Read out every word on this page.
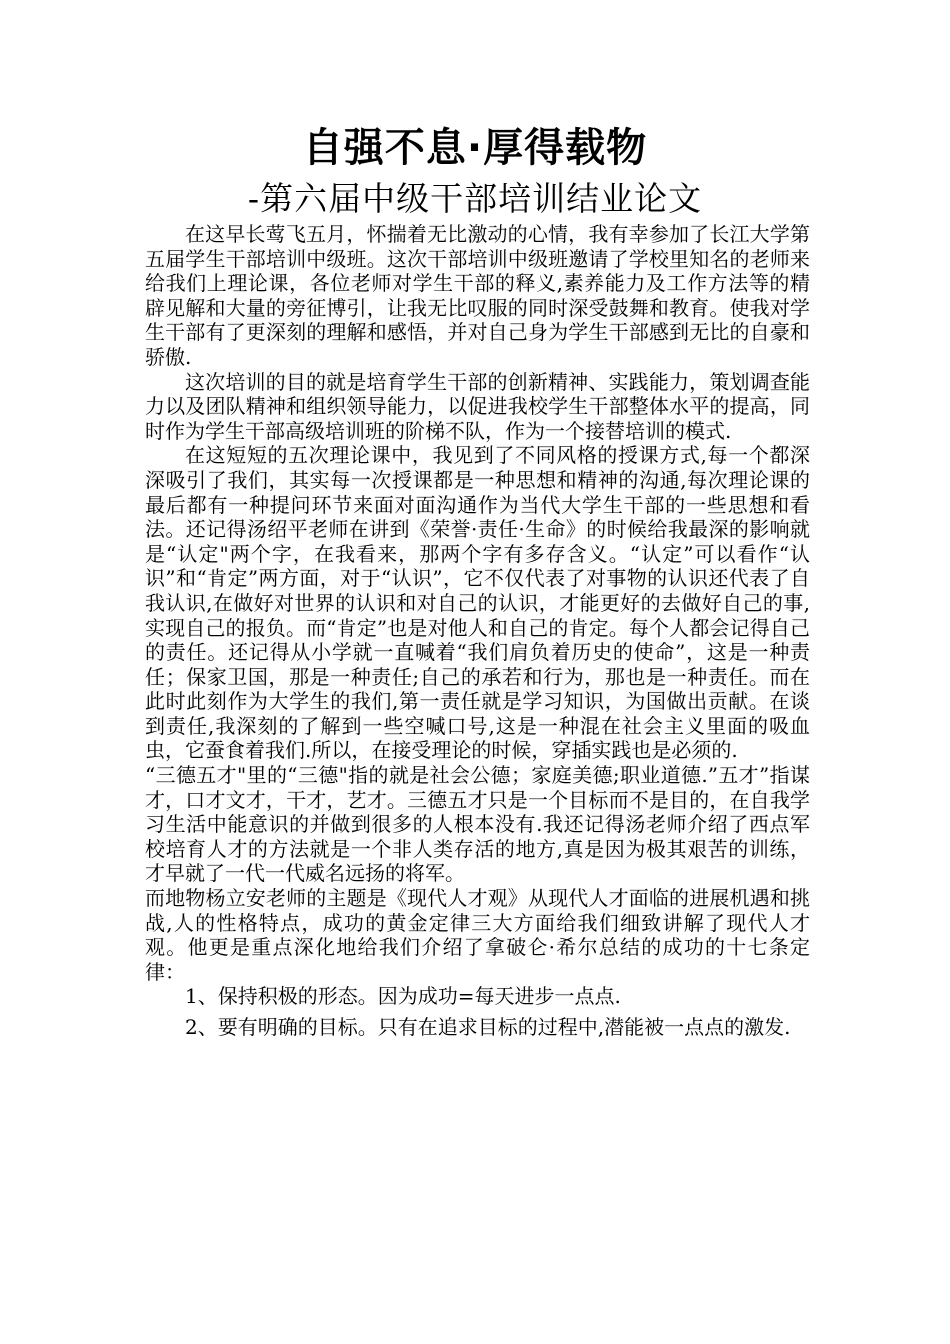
自强不息·厚得载物
-第六届中级干部培训结业论文

在这早长莺飞五月，怀揣着无比激动的心情，我有幸参加了长江大学第五届学生干部培训中级班。这次干部培训中级班邀请了学校里知名的老师来给我们上理论课，各位老师对学生干部的释义,素养能力及工作方法等的精辟见解和大量的旁征博引，让我无比叹服的同时深受鼓舞和教育。使我对学生干部有了更深刻的理解和感悟，并对自己身为学生干部感到无比的自豪和骄傲.

这次培训的目的就是培育学生干部的创新精神、实践能力，策划调查能力以及团队精神和组织领导能力，以促进我校学生干部整体水平的提高，同时作为学生干部高级培训班的阶梯不队，作为一个接替培训的模式.

在这短短的五次理论课中，我见到了不同风格的授课方式,每一个都深深吸引了我们，其实每一次授课都是一种思想和精神的沟通,每次理论课的最后都有一种提问环节来面对面沟通作为当代大学生干部的一些思想和看法。还记得汤绍平老师在讲到《荣誉·责任·生命》的时候给我最深的影响就是“认定"两个字，在我看来，那两个字有多存含义。“认定”可以看作“认识”和“肯定”两方面，对于“认识”，它不仅代表了对事物的认识还代表了自我认识,在做好对世界的认识和对自己的认识，才能更好的去做好自己的事,实现自己的报负。而“肯定”也是对他人和自己的肯定。每个人都会记得自己的责任。还记得从小学就一直喊着“我们肩负着历史的使命”，这是一种责任；保家卫国，那是一种责任;自己的承若和行为，那也是一种责任。而在此时此刻作为大学生的我们,第一责任就是学习知识，为国做出贡献。在谈到责任,我深刻的了解到一些空喊口号,这是一种混在社会主义里面的吸血虫，它蚕食着我们.所以，在接受理论的时候，穿插实践也是必须的.

“三德五才"里的“三德"指的就是社会公德；家庭美德;职业道德.”五才”指谋才，口才文才，干才，艺才。三德五才只是一个目标而不是目的，在自我学习生活中能意识的并做到很多的人根本没有.我还记得汤老师介绍了西点军校培育人才的方法就是一个非人类存活的地方,真是因为极其艰苦的训练，才早就了一代一代威名远扬的将军。

而地物杨立安老师的主题是《现代人才观》从现代人才面临的进展机遇和挑战,人的性格特点，成功的黄金定律三大方面给我们细致讲解了现代人才观。他更是重点深化地给我们介绍了拿破仑·希尔总结的成功的十七条定律：

1、保持积极的形态。因为成功=每天进步一点点.

2、要有明确的目标。只有在追求目标的过程中,潜能被一点点的激发.
